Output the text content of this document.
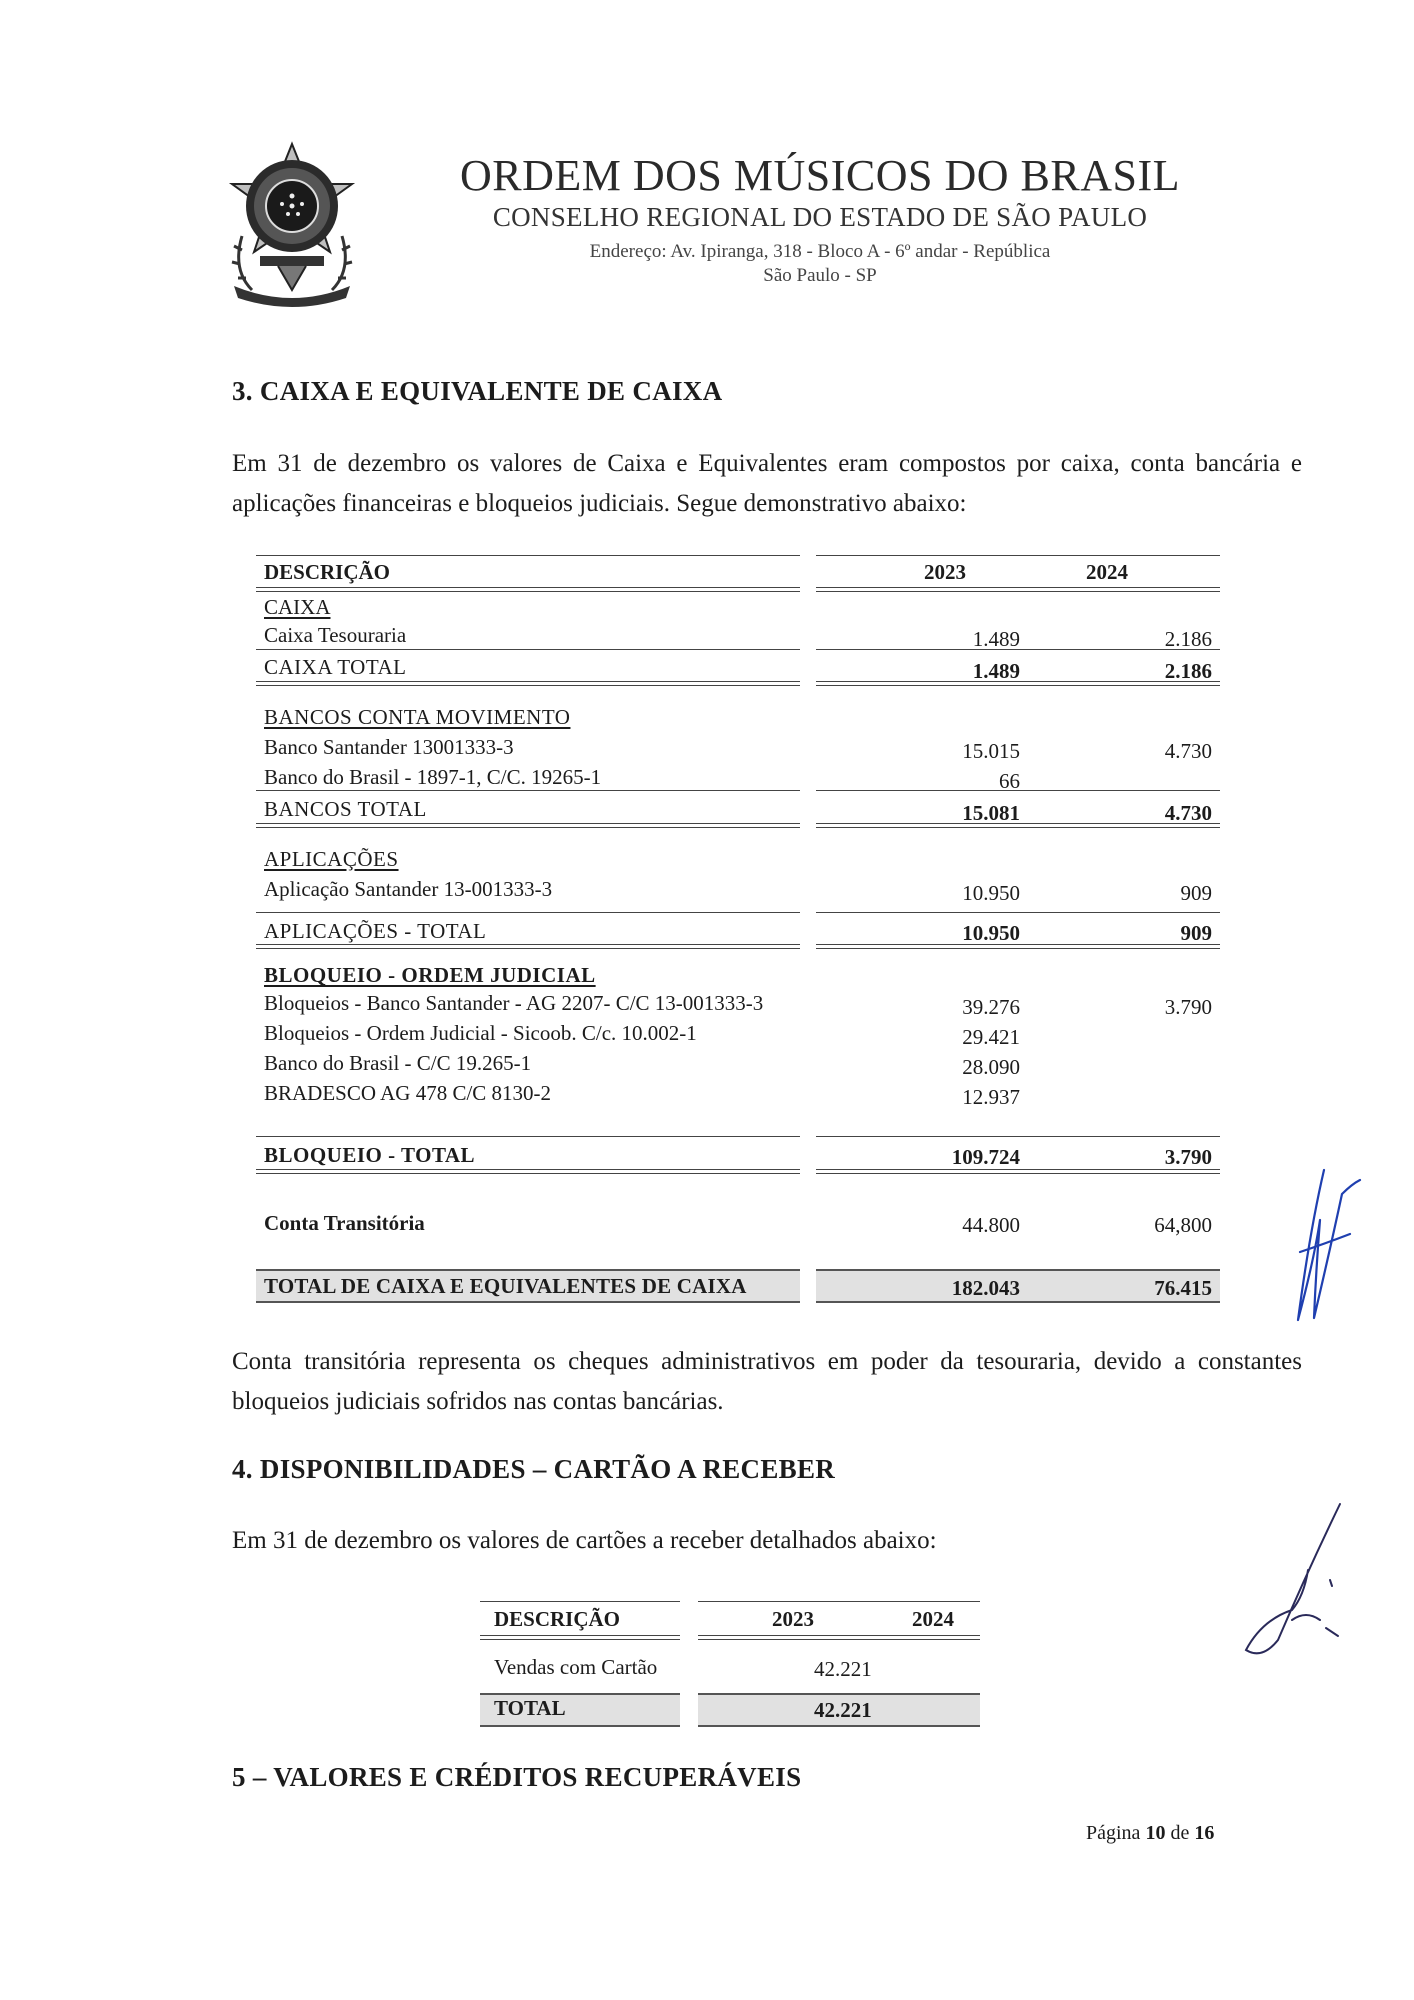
ORDEM DOS MÚSICOS DO BRASIL
CONSELHO REGIONAL DO ESTADO DE SÃO PAULO
Endereço: Av. Ipiranga, 318 - Bloco A - 6º andar - República
São Paulo - SP
3. CAIXA E EQUIVALENTE DE CAIXA
Em 31 de dezembro os valores de Caixa e Equivalentes eram compostos por caixa, conta bancária e aplicações financeiras e bloqueios judiciais. Segue demonstrativo abaixo:
DESCRIÇÃO	2023	2024
CAIXA
Caixa Tesouraria	1.489	2.186
CAIXA TOTAL	1.489	2.186
BANCOS CONTA MOVIMENTO
Banco Santander 13001333-3	15.015	4.730
Banco do Brasil - 1897-1, C/C. 19265-1	66
BANCOS TOTAL	15.081	4.730
APLICAÇÕES
Aplicação Santander 13-001333-3	10.950	909
APLICAÇÕES - TOTAL	10.950	909
BLOQUEIO - ORDEM JUDICIAL
Bloqueios - Banco Santander - AG 2207- C/C 13-001333-3	39.276	3.790
Bloqueios - Ordem Judicial - Sicoob. C/c. 10.002-1	29.421
Banco do Brasil - C/C 19.265-1	28.090
BRADESCO AG 478 C/C 8130-2	12.937
BLOQUEIO - TOTAL	109.724	3.790
Conta Transitória	44.800	64,800
TOTAL DE CAIXA E EQUIVALENTES DE CAIXA	182.043	76.415
Conta transitória representa os cheques administrativos em poder da tesouraria, devido a constantes bloqueios judiciais sofridos nas contas bancárias.
4. DISPONIBILIDADES – CARTÃO A RECEBER
Em 31 de dezembro os valores de cartões a receber detalhados abaixo:
DESCRIÇÃO	2023	2024
Vendas com Cartão	42.221
TOTAL	42.221
5 – VALORES E CRÉDITOS RECUPERÁVEIS
Página 10 de 16
